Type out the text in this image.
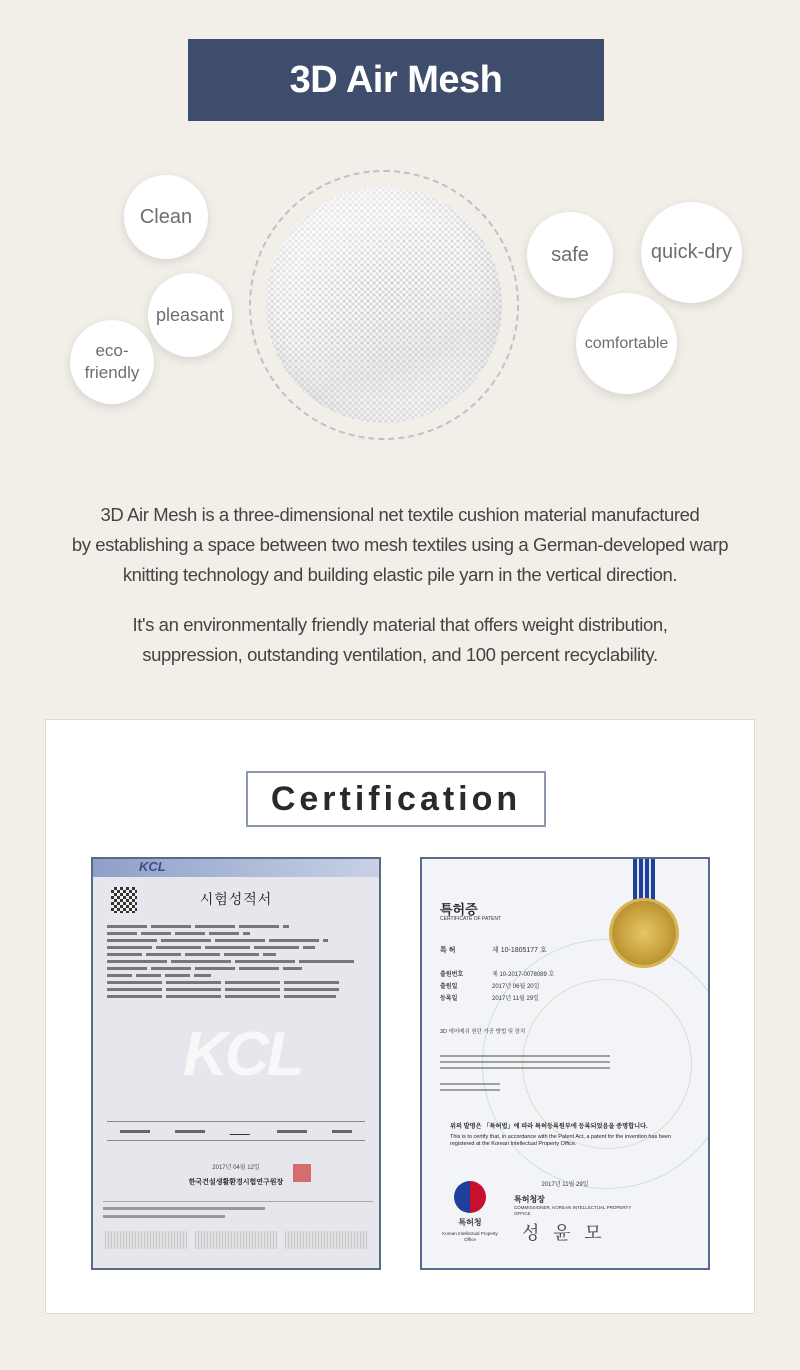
3D Air Mesh
Clean
pleasant
eco-
friendly
safe	quick-dry
comfortable
3D Air Mesh is a three-dimensional net textile cushion material manufactured
by establishing a space between two mesh textiles using a German-developed warp
knitting technology and building elastic pile yarn in the vertical direction.
It's an environmentally friendly material that offers weight distribution,
suppression, outstanding ventilation, and 100 percent recyclability.
Certification
KCL
시험성적서
KCL
2017년 04월 12일
한국건설생활환경시험연구원장
특허증
CERTIFICATE OF PATENT
특 허	제 10-1805177 호
출원번호	제 10-2017-0078089 호
출원일	2017년 06월 20일
등록일	2017년 11월 29일
3D 에어메쉬 원단 가공 방법 및 장치
위의 발명은 「특허법」에 따라 특허등록원부에 등록되었음을 증명합니다.
This is to certify that, in accordance with the Patent Act, a patent for the invention has been registered at the Korean Intellectual Property Office.
2017년 11월 29일
특허청
Korean Intellectual Property Office
특허청장
COMMISSIONER, KOREAN INTELLECTUAL PROPERTY OFFICE
성 윤 모
